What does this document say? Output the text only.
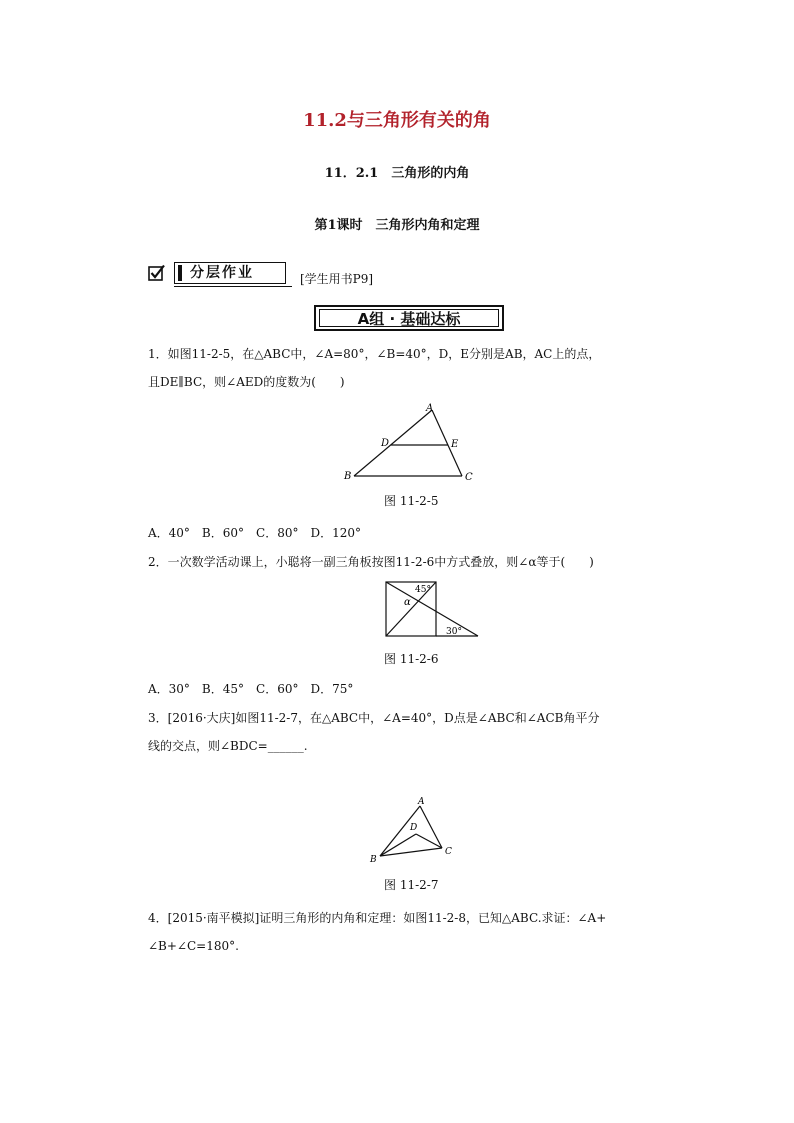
11.2与三角形有关的角
11．2.1　三角形的内角
第1课时　三角形内角和定理
分层作业	[学生用书P9]
A组 · 基础达标
1．如图11-2-5，在△ABC中，∠A=80°，∠B=40°，D，E分别是AB，AC上的点，
且DE∥BC，则∠AED的度数为(　　)
A
B	C
D	E
图 11-2-5
A．40°　B．60°　C．80°　D．120°
2．一次数学活动课上，小聪将一副三角板按图11-2-6中方式叠放，则∠α等于(　　)
45°
α
30°
图 11-2-6
A．30°　B．45°　C．60°　D．75°
3．[2016·大庆]如图11-2-7，在△ABC中，∠A=40°，D点是∠ABC和∠ACB角平分
线的交点，则∠BDC=______.
A
B
C
D
图 11-2-7
4．[2015·南平模拟]证明三角形的内角和定理：如图11-2-8，已知△ABC.求证：∠A+
∠B+∠C=180°.
